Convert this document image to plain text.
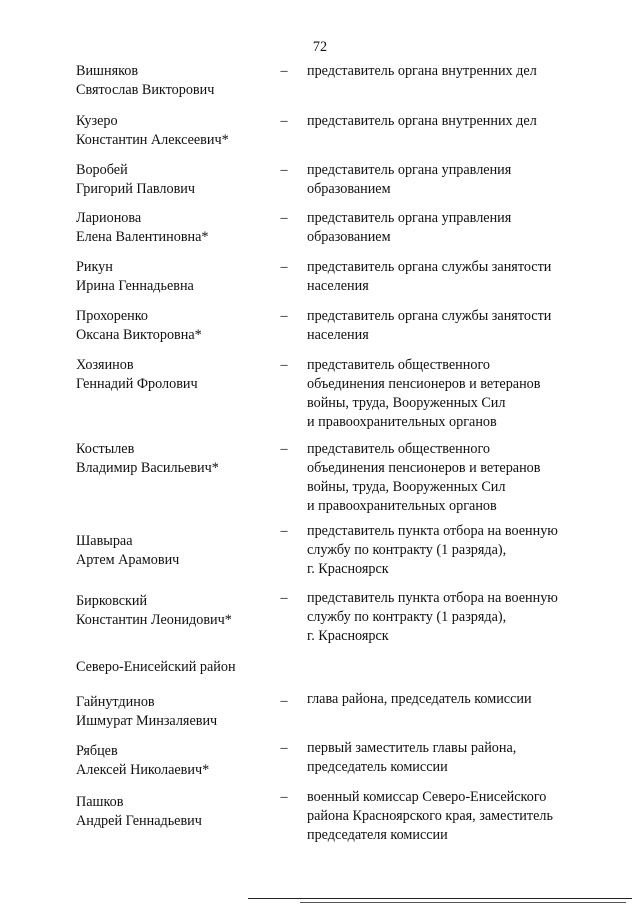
72
Вишняков
Святослав Викторович
– представитель органа внутренних дел
Кузеро
Константин Алексеевич*
– представитель органа внутренних дел
Воробей
Григорий Павлович
– представитель органа управления
образованием
Ларионова
Елена Валентиновна*
– представитель органа управления
образованием
Рикун
Ирина Геннадьевна
– представитель органа службы занятости
населения
Прохоренко
Оксана Викторовна*
– представитель органа службы занятости
населения
Хозяинов
Геннадий Фролович
– представитель общественного
объединения пенсионеров и ветеранов
войны, труда, Вооруженных Сил
и правоохранительных органов
Костылев
Владимир Васильевич*
– представитель общественного
объединения пенсионеров и ветеранов
войны, труда, Вооруженных Сил
и правоохранительных органов
Шавыраа
Артем Арамович
– представитель пункта отбора на военную
службу по контракту (1 разряда),
г. Красноярск
Бирковский
Константин Леонидович*
– представитель пункта отбора на военную
службу по контракту (1 разряда),
г. Красноярск
Северо-Енисейский район
Гайнутдинов
Ишмурат Минзаляевич
– глава района, председатель комиссии
Рябцев
Алексей Николаевич*
– первый заместитель главы района,
председатель комиссии
Пашков
Андрей Геннадьевич
– военный комиссар Северо-Енисейского
района Красноярского края, заместитель
председателя комиссии
